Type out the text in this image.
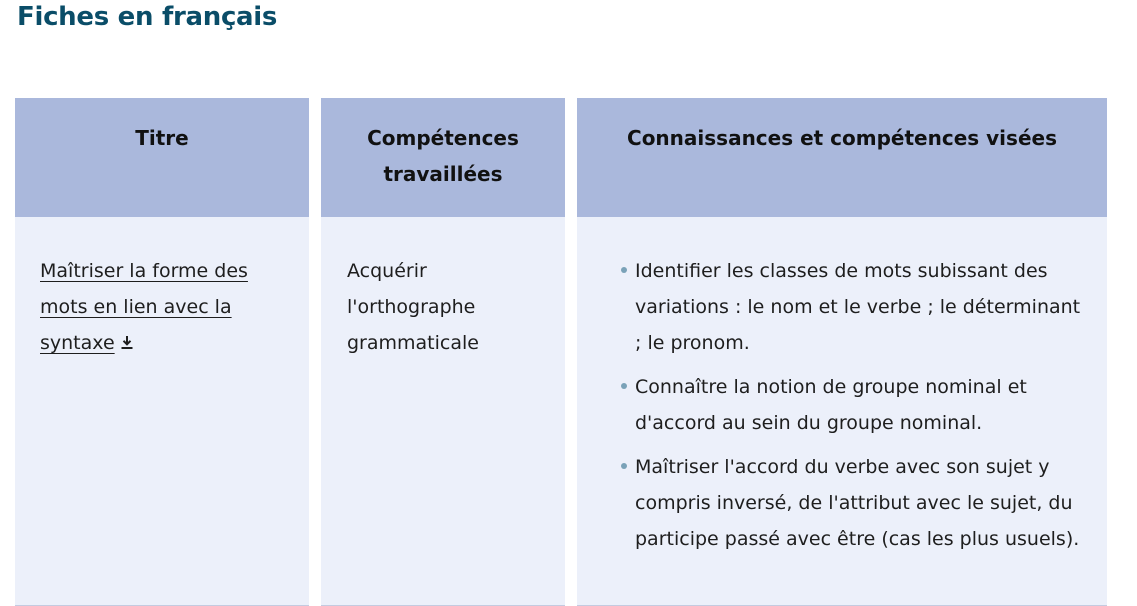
Fiches en français
Titre
Maîtriser la forme des mots en lien avec la syntaxe
Compétences travaillées
Acquérir l'orthographe grammaticale
Connaissances et compétences visées
Identifier les classes de mots subissant des variations : le nom et le verbe ; le déterminant ; le pronom.
Connaître la notion de groupe nominal et d'accord au sein du groupe nominal.
Maîtriser l'accord du verbe avec son sujet y compris inversé, de l'attribut avec le sujet, du participe passé avec être (cas les plus usuels).
